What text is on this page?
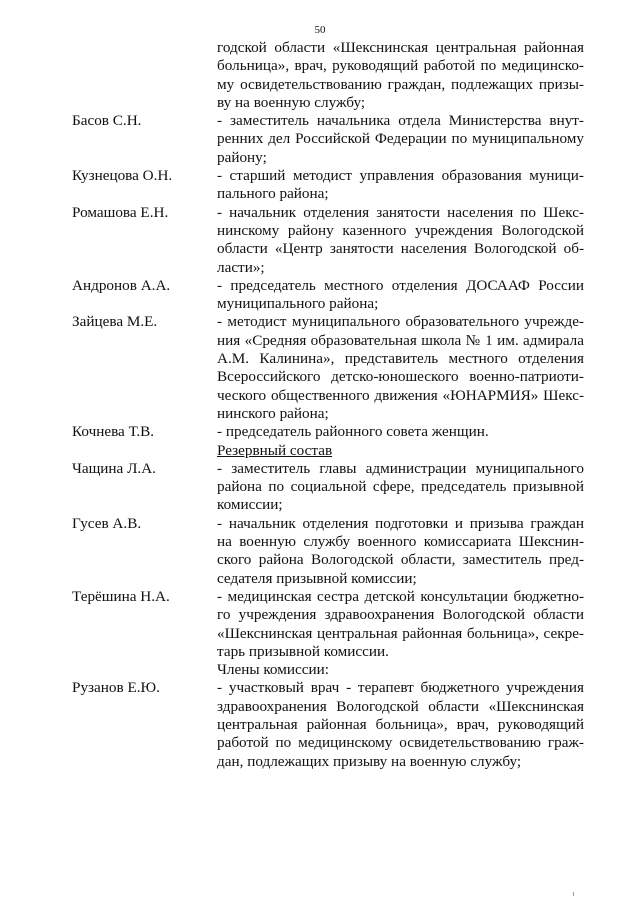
50
годской области «Шекснинская центральная районная
больница», врач, руководящий работой по медицинско-
му освидетельствованию граждан, подлежащих призы-
ву на военную службу;
Басов С.Н.	- заместитель начальника отдела Министерства внут-
ренних дел Российской Федерации по муниципальному
району;
Кузнецова О.Н.	- старший методист управления образования муници-
пального района;
Ромашова Е.Н.	- начальник отделения занятости населения по Шекс-
нинскому району казенного учреждения Вологодской
области «Центр занятости населения Вологодской об-
ласти»;
Андронов А.А.	- председатель местного отделения ДОСААФ России
муниципального района;
Зайцева М.Е.	- методист муниципального образовательного учрежде-
ния «Средняя образовательная школа № 1 им. адмирала
А.М. Калинина», представитель местного отделения
Всероссийского детско-юношеского военно-патриоти-
ческого общественного движения «ЮНАРМИЯ» Шекс-
нинского района;
Кочнева Т.В.	- председатель районного совета женщин.
Резервный состав
Чащина Л.А.	- заместитель главы администрации муниципального
района по социальной сфере, председатель призывной
комиссии;
Гусев А.В.	- начальник отделения подготовки и призыва граждан
на военную службу военного комиссариата Шекснин-
ского района Вологодской области, заместитель пред-
седателя призывной комиссии;
Терёшина Н.А.	- медицинская сестра детской консультации бюджетно-
го учреждения здравоохранения Вологодской области
«Шекснинская центральная районная больница», секре-
тарь призывной комиссии.
Члены комиссии:
Рузанов Е.Ю.	- участковый врач - терапевт бюджетного учреждения
здравоохранения Вологодской области «Шекснинская
центральная районная больница», врач, руководящий
работой по медицинскому освидетельствованию граж-
дан, подлежащих призыву на военную службу;
